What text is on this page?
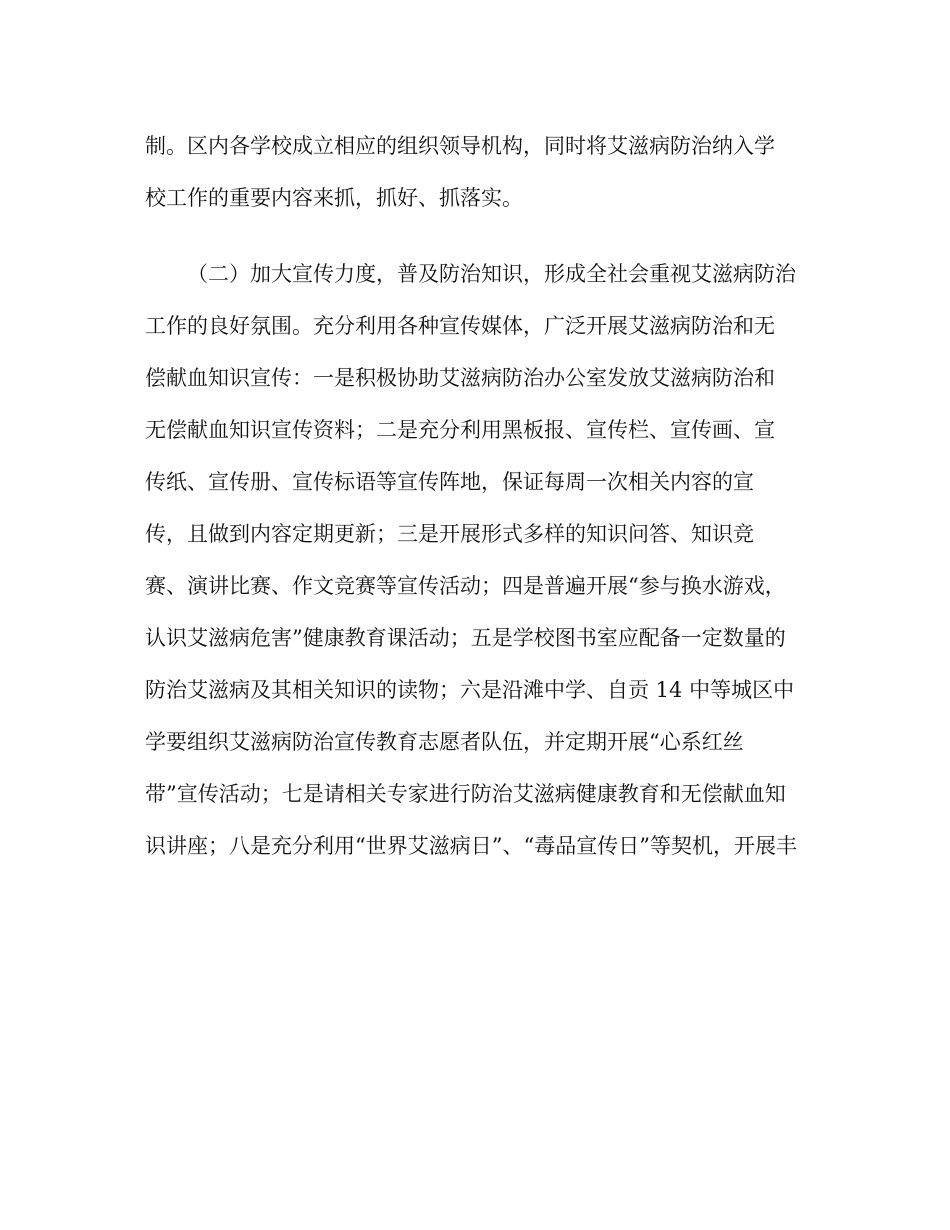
制。区内各学校成立相应的组织领导机构，同时将艾滋病防治纳入学
校工作的重要内容来抓，抓好、抓落实。
（二）加大宣传力度，普及防治知识，形成全社会重视艾滋病防治
工作的良好氛围。充分利用各种宣传媒体，广泛开展艾滋病防治和无
偿献血知识宣传：一是积极协助艾滋病防治办公室发放艾滋病防治和
无偿献血知识宣传资料；二是充分利用黑板报、宣传栏、宣传画、宣
传纸、宣传册、宣传标语等宣传阵地，保证每周一次相关内容的宣
传，且做到内容定期更新；三是开展形式多样的知识问答、知识竞
赛、演讲比赛、作文竞赛等宣传活动；四是普遍开展“参与换水游戏，
认识艾滋病危害”健康教育课活动；五是学校图书室应配备一定数量的
防治艾滋病及其相关知识的读物；六是沿滩中学、自贡 14 中等城区中
学要组织艾滋病防治宣传教育志愿者队伍，并定期开展“心系红丝
带”宣传活动；七是请相关专家进行防治艾滋病健康教育和无偿献血知
识讲座；八是充分利用“世界艾滋病日”、“毒品宣传日”等契机，开展丰
